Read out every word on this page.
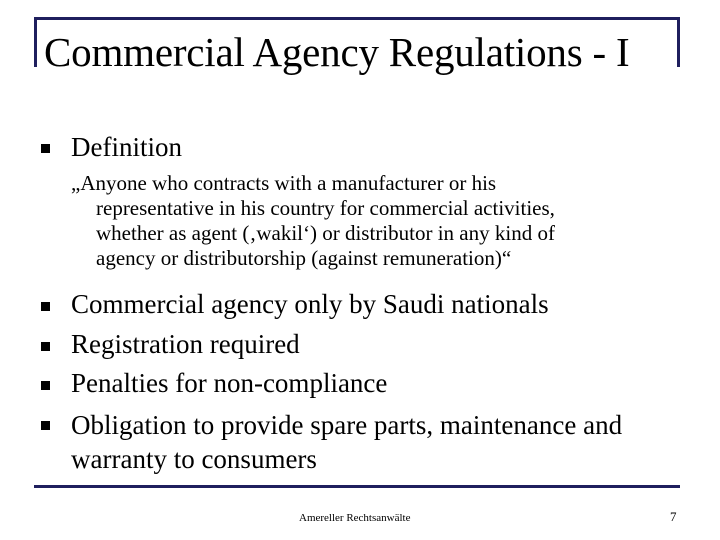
Commercial Agency Regulations - I
Definition
„Anyone who contracts with a manufacturer or his
representative in his country for commercial activities,
whether as agent (‚wakil‘) or distributor in any kind of
agency or distributorship (against remuneration)“
Commercial agency only by Saudi nationals
Registration required
Penalties for non-compliance
Obligation to provide spare parts, maintenance and warranty to consumers
Amereller Rechtsanwälte	7
